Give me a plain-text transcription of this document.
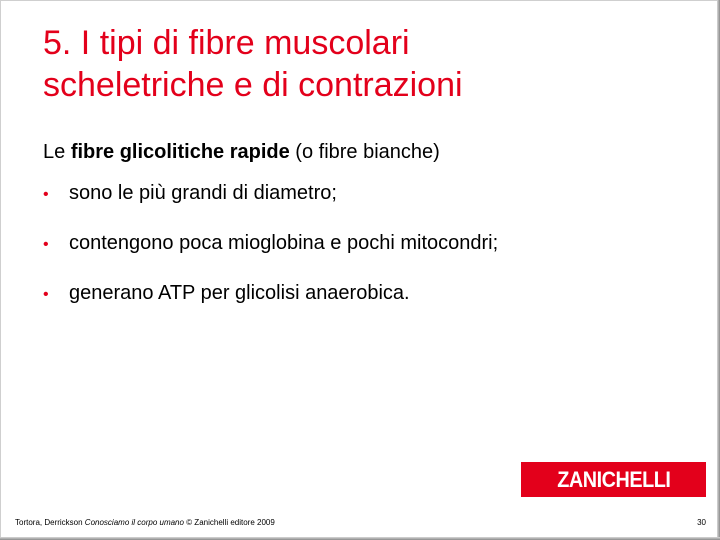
5. I tipi di fibre muscolari
scheletriche e di contrazioni
Le fibre glicolitiche rapide (o fibre bianche)
• sono le più grandi di diametro;
• contengono poca mioglobina e pochi mitocondri;
• generano ATP per glicolisi anaerobica.
ZANICHELLI
Tortora, Derrickson Conosciamo il corpo umano © Zanichelli editore 2009	30
